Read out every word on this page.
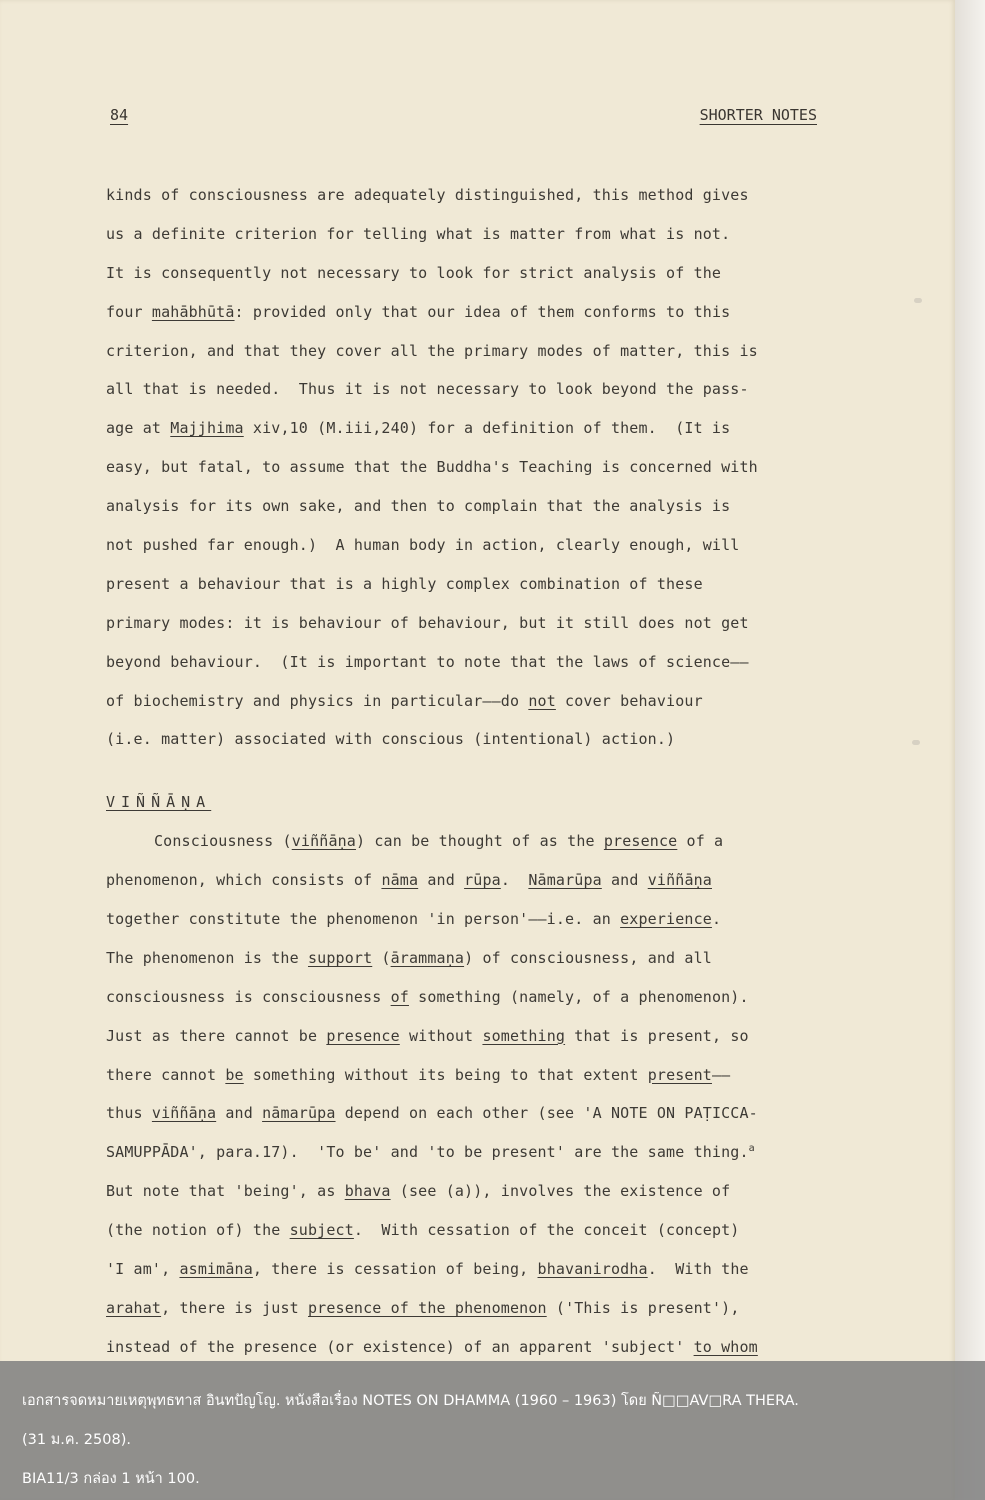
84	SHORTER NOTES
kinds of consciousness are adequately distinguished, this method gives
us a definite criterion for telling what is matter from what is not.
It is consequently not necessary to look for strict analysis of the
four mahābhūtā: provided only that our idea of them conforms to this
criterion, and that they cover all the primary modes of matter, this is
all that is needed.  Thus it is not necessary to look beyond the pass-
age at Majjhima xiv,10 (M.iii,240) for a definition of them.  (It is
easy, but fatal, to assume that the Buddha's Teaching is concerned with
analysis for its own sake, and then to complain that the analysis is
not pushed far enough.)  A human body in action, clearly enough, will
present a behaviour that is a highly complex combination of these
primary modes: it is behaviour of behaviour, but it still does not get
beyond behaviour.  (It is important to note that the laws of science——
of biochemistry and physics in particular——do not cover behaviour
(i.e. matter) associated with conscious (intentional) action.)
VIÑÑĀṆA
Consciousness (viññāṇa) can be thought of as the presence of a
phenomenon, which consists of nāma and rūpa.  Nāmarūpa and viññāṇa
together constitute the phenomenon 'in person'——i.e. an experience.
The phenomenon is the support (ārammaṇa) of consciousness, and all
consciousness is consciousness of something (namely, of a phenomenon).
Just as there cannot be presence without something that is present, so
there cannot be something without its being to that extent present——
thus viññāṇa and nāmarūpa depend on each other (see 'A NOTE ON PAṬICCA-
SAMUPPĀDA', para.17).  'To be' and 'to be present' are the same thing.$^a$
But note that 'being', as bhava (see (a)), involves the existence of
(the notion of) the subject.  With cessation of the conceit (concept)
'I am', asmimāna, there is cessation of being, bhavanirodha.  With the
arahat, there is just presence of the phenomenon ('This is present'),
instead of the presence (or existence) of an apparent 'subject' to whom
เอกสารจดหมายเหตุพุทธทาส อินทปัญโญ. หนังสือเรื่อง NOTES ON DHAMMA (1960 – 1963) โดย Ñ□□AV□RA THERA.
(31 ม.ค. 2508).
BIA11/3 กล่อง 1 หน้า 100.
